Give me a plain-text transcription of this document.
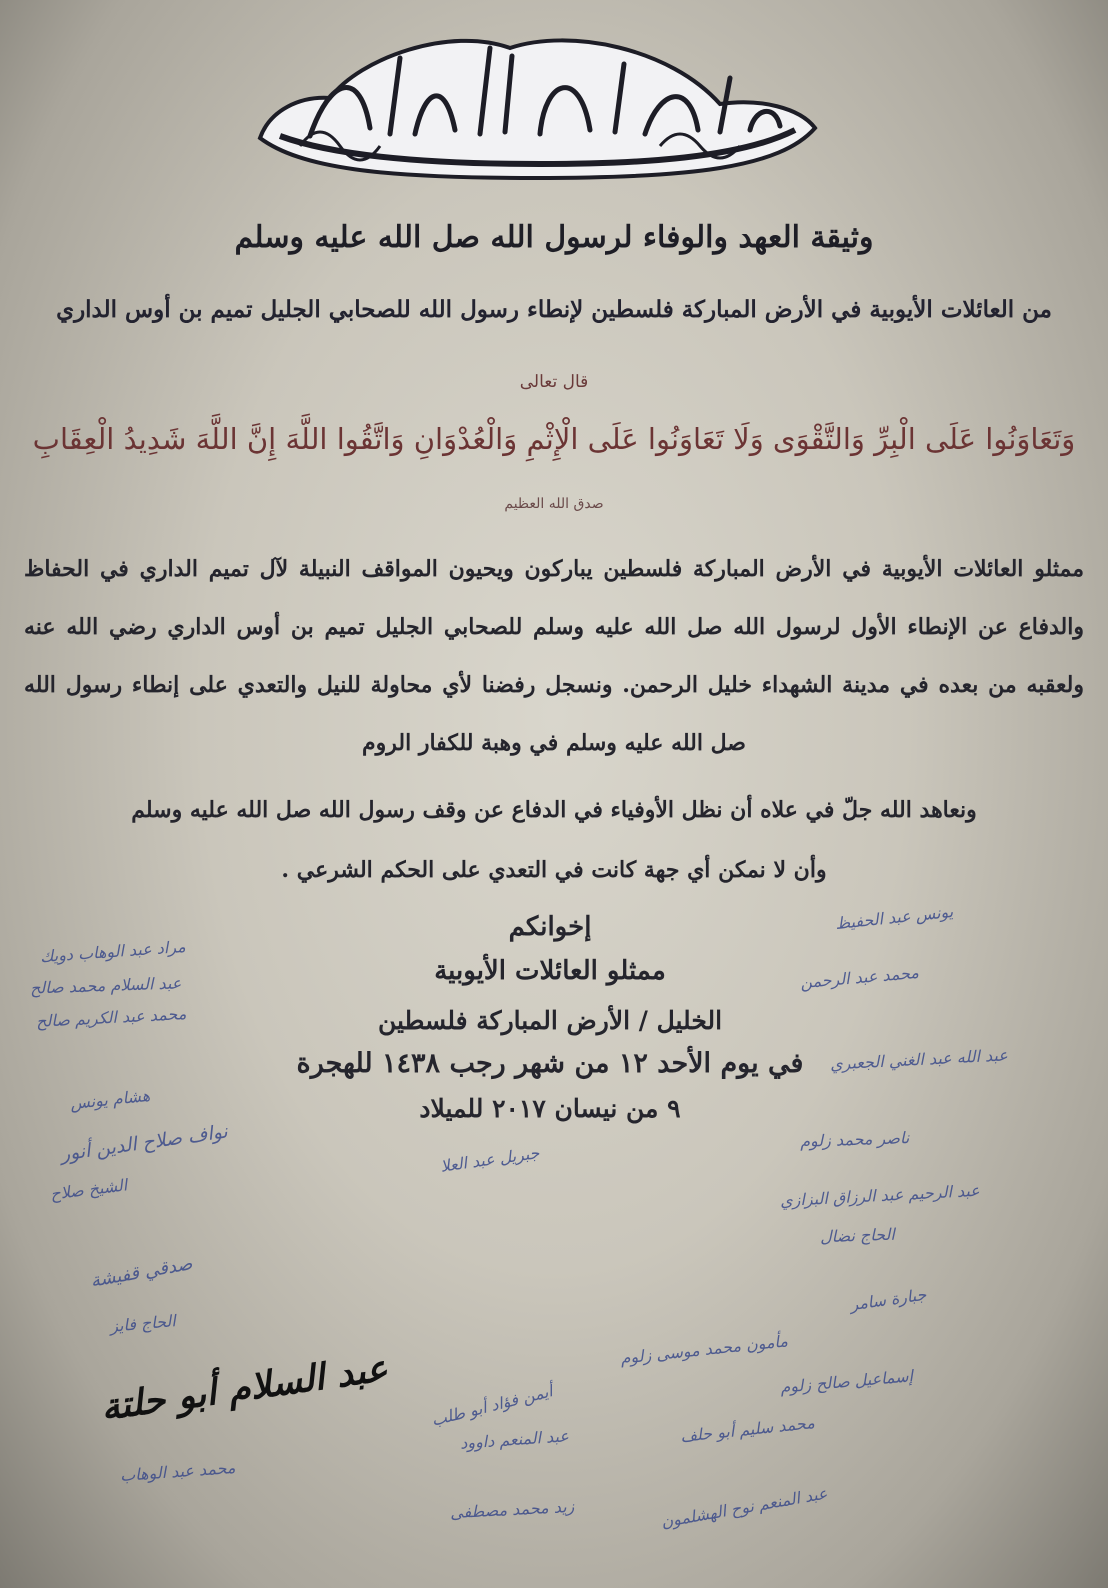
وثيقة العهد والوفاء لرسول الله صل الله عليه وسلم
من العائلات الأيوبية في الأرض المباركة فلسطين لإنطاء رسول الله للصحابي الجليل تميم بن أوس الداري
قال تعالى
وَتَعَاوَنُوا عَلَى الْبِرِّ وَالتَّقْوَى وَلَا تَعَاوَنُوا عَلَى الْإِثْمِ وَالْعُدْوَانِ وَاتَّقُوا اللَّهَ إِنَّ اللَّهَ شَدِيدُ الْعِقَابِ
صدق الله العظيم
ممثلو العائلات الأيوبية في الأرض المباركة فلسطين يباركون ويحيون المواقف النبيلة لآل تميم الداري في الحفاظ والدفاع عن الإنطاء الأول لرسول الله صل الله عليه وسلم للصحابي الجليل تميم بن أوس الداري رضي الله عنه ولعقبه من بعده في مدينة الشهداء خليل الرحمن. ونسجل رفضنا لأي محاولة للنيل والتعدي على إنطاء رسول الله صل الله عليه وسلم في وهبة للكفار الروم
ونعاهد الله جلّ في علاه أن نظل الأوفياء في الدفاع عن وقف رسول الله صل الله عليه وسلم
وأن لا نمكن أي جهة كانت في التعدي على الحكم الشرعي .
إخوانكم
ممثلو العائلات الأيوبية
الخليل / الأرض المباركة فلسطين
في يوم الأحد ١٢ من شهر رجب ١٤٣٨ للهجرة
٩ من نيسان ٢٠١٧ للميلاد
مراد عبد الوهاب دويك
عبد السلام محمد صالح
محمد عبد الكريم صالح
هشام يونس
نواف صلاح الدين أنور
الشيخ صلاح
صدقي قفيشة
الحاج فايز
عبد السلام أبو حلتة
محمد عبد الوهاب
يونس عبد الحفيظ
محمد عبد الرحمن
عبد الله عبد الغني الجعبري
ناصر محمد زلوم
عبد الرحيم عبد الرزاق البزازي
الحاج نضال
جبريل عبد العلا
مأمون محمد موسى زلوم
أيمن فؤاد أبو طلب
عبد المنعم داوود
إسماعيل صالح زلوم
محمد سليم أبو حلف
زيد محمد مصطفى	عبد المنعم نوح الهشلمون
جبارة سامر
